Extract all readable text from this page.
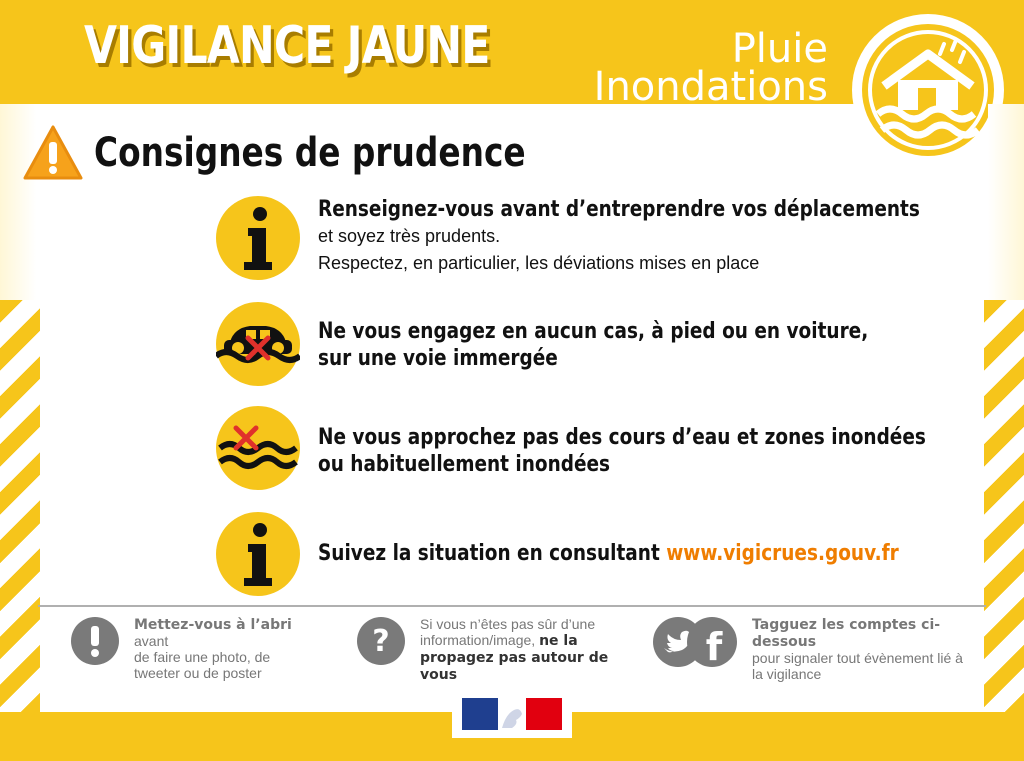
VIGILANCE JAUNE	Pluie
Inondations
Consignes de prudence
Renseignez-vous avant d’entreprendre vos déplacements
et soyez très prudents.
Respectez, en particulier, les déviations mises en place
Ne vous engagez en aucun cas, à pied ou en voiture,
sur une voie immergée
Ne vous approchez pas des cours d’eau et zones inondées
ou habituellement inondées
Suivez la situation en consultant www.vigicrues.gouv.fr
Mettez-vous à l’abri avant
de faire une photo, de
tweeter ou de poster
? Si vous n’êtes pas sûr d’une
information/image, ne la
propagez pas autour de vous
f Tagguez les comptes ci-dessous
pour signaler tout évènement lié à
la vigilance
